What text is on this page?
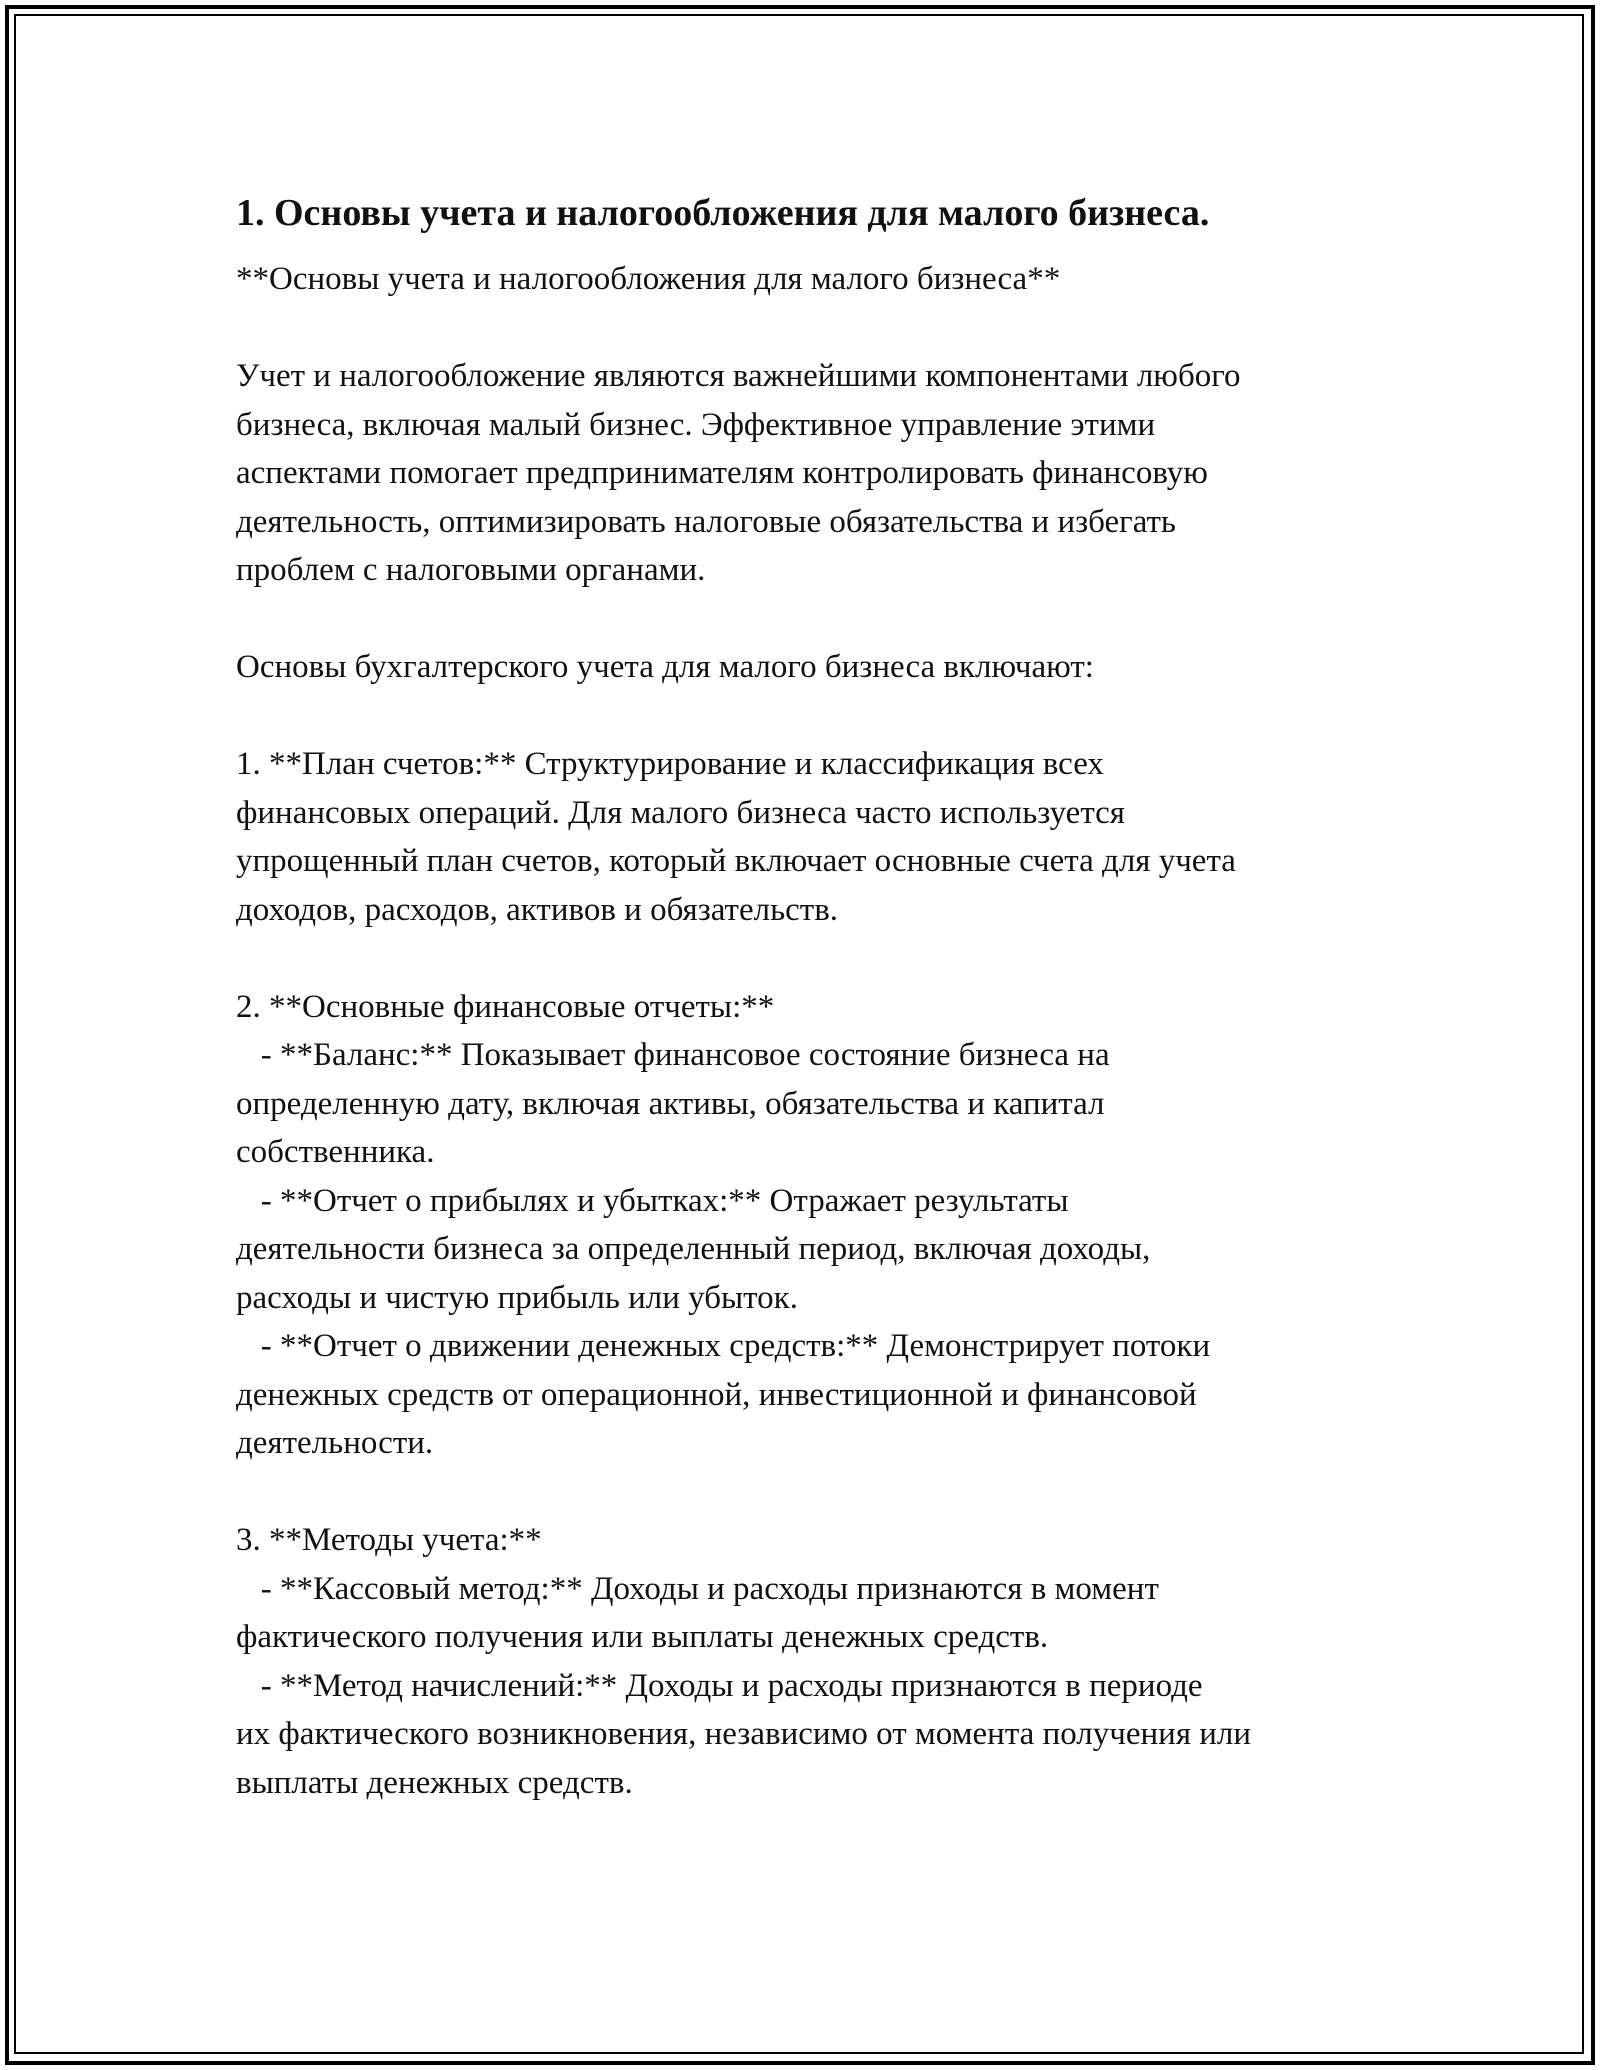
1. Основы учета и налогообложения для малого бизнеса.
**Основы учета и налогообложения для малого бизнеса**
Учет и налогообложение являются важнейшими компонентами любого
бизнеса, включая малый бизнес. Эффективное управление этими
аспектами помогает предпринимателям контролировать финансовую
деятельность, оптимизировать налоговые обязательства и избегать
проблем с налоговыми органами.
Основы бухгалтерского учета для малого бизнеса включают:
1. **План счетов:** Структурирование и классификация всех
финансовых операций. Для малого бизнеса часто используется
упрощенный план счетов, который включает основные счета для учета
доходов, расходов, активов и обязательств.
2. **Основные финансовые отчеты:**
- **Баланс:** Показывает финансовое состояние бизнеса на
определенную дату, включая активы, обязательства и капитал
собственника.
- **Отчет о прибылях и убытках:** Отражает результаты
деятельности бизнеса за определенный период, включая доходы,
расходы и чистую прибыль или убыток.
- **Отчет о движении денежных средств:** Демонстрирует потоки
денежных средств от операционной, инвестиционной и финансовой
деятельности.
3. **Методы учета:**
- **Кассовый метод:** Доходы и расходы признаются в момент
фактического получения или выплаты денежных средств.
- **Метод начислений:** Доходы и расходы признаются в периоде
их фактического возникновения, независимо от момента получения или
выплаты денежных средств.
